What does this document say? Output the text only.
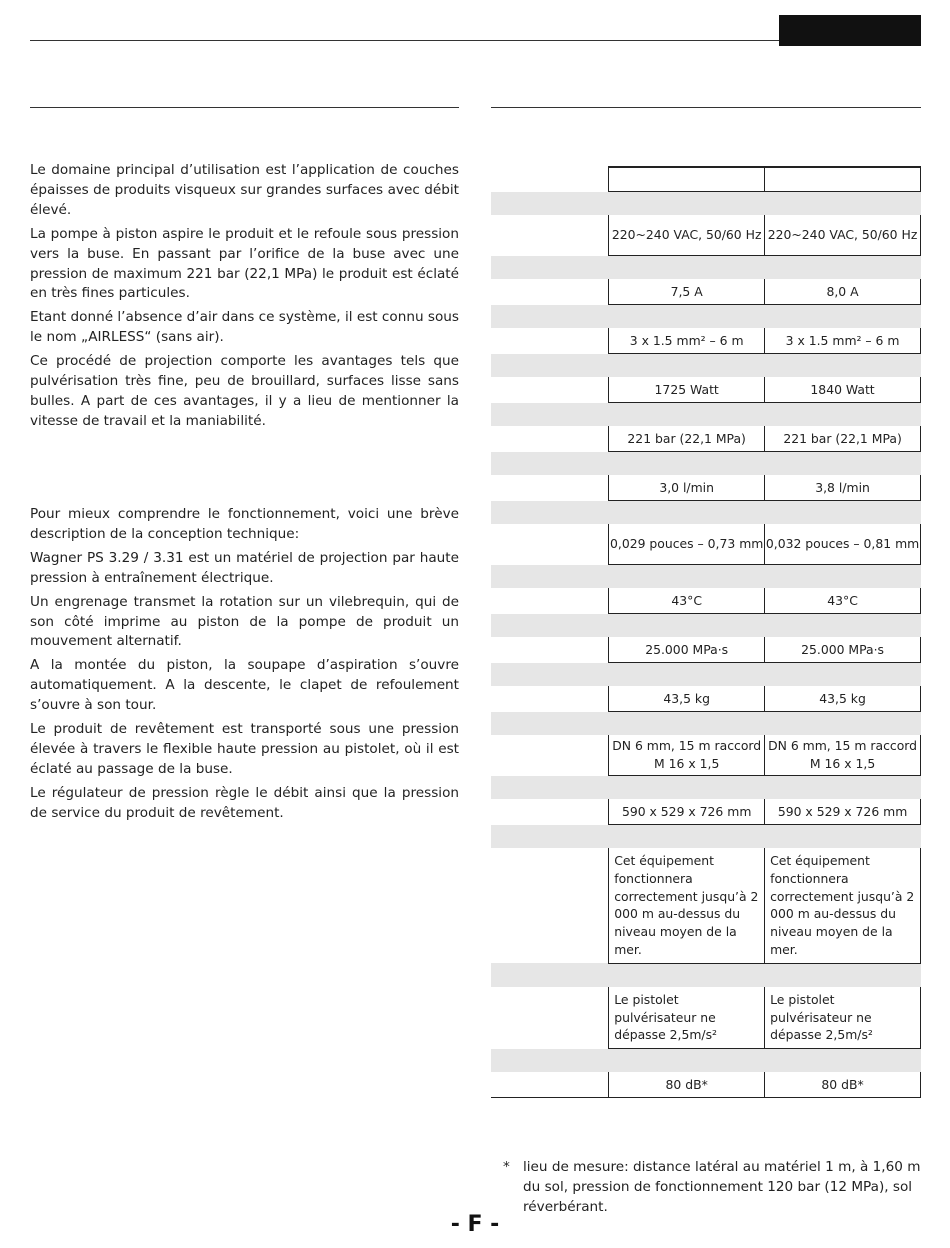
Le domaine principal d’utilisation est l’application de couches épaisses de produits visqueux sur grandes surfaces avec débit élevé.

La pompe à piston aspire le produit et le refoule sous pression vers la buse. En passant par l’orifice de la buse avec une pression de maximum 221 bar (22,1 MPa) le produit est éclaté en très fines particules.

Etant donné l’absence d’air dans ce système, il est connu sous le nom „AIRLESS“ (sans air).

Ce procédé de projection comporte les avantages tels que pulvérisation très fine, peu de brouillard, surfaces lisse sans bulles. A part de ces avantages, il y a lieu de mentionner la vitesse de travail et la maniabilité.

Pour mieux comprendre le fonctionnement, voici une brève description de la conception technique:

Wagner PS 3.29 / 3.31 est un matériel de projection par haute pression à entraînement électrique.

Un engrenage transmet la rotation sur un vilebrequin, qui de son côté imprime au piston de la pompe de produit un mouvement alternatif.

A la montée du piston, la soupape d’aspiration s’ouvre automatiquement. A la descente, le clapet de refoulement s’ouvre à son tour.

Le produit de revêtement est transporté sous une pression élevée à travers le flexible haute pression au pistolet, où il est éclaté au passage de la buse.

Le régulateur de pression règle le débit ainsi que la pression de service du produit de revêtement.

	220~240 VAC, 50/60 Hz	220~240 VAC, 50/60 Hz

	7,5 A	8,0 A

	3 x 1.5 mm² – 6 m	3 x 1.5 mm² – 6 m

	1725 Watt	1840 Watt

	221 bar (22,1 MPa)	221 bar (22,1 MPa)

	3,0 l/min	3,8 l/min

	0,029 pouces – 0,73 mm	0,032 pouces – 0,81 mm

	43°C	43°C

	25.000 MPa·s	25.000 MPa·s

	43,5 kg	43,5 kg

	DN 6 mm, 15 m raccord M 16 x 1,5	DN 6 mm, 15 m raccord M 16 x 1,5

	590 x 529 x 726 mm	590 x 529 x 726 mm

	Cet équipement fonctionnera correctement jusqu’à 2 000 m au-dessus du niveau moyen de la mer.	Cet équipement fonctionnera correctement jusqu’à 2 000 m au-dessus du niveau moyen de la mer.

	Le pistolet pulvérisateur ne dépasse 2,5m/s²	Le pistolet pulvérisateur ne dépasse 2,5m/s²

	80 dB*	80 dB*
* lieu de mesure: distance latéral au matériel 1 m, à 1,60 m du sol, pression de fonctionnement 120 bar (12 MPa), sol réverbérant.
- F -
